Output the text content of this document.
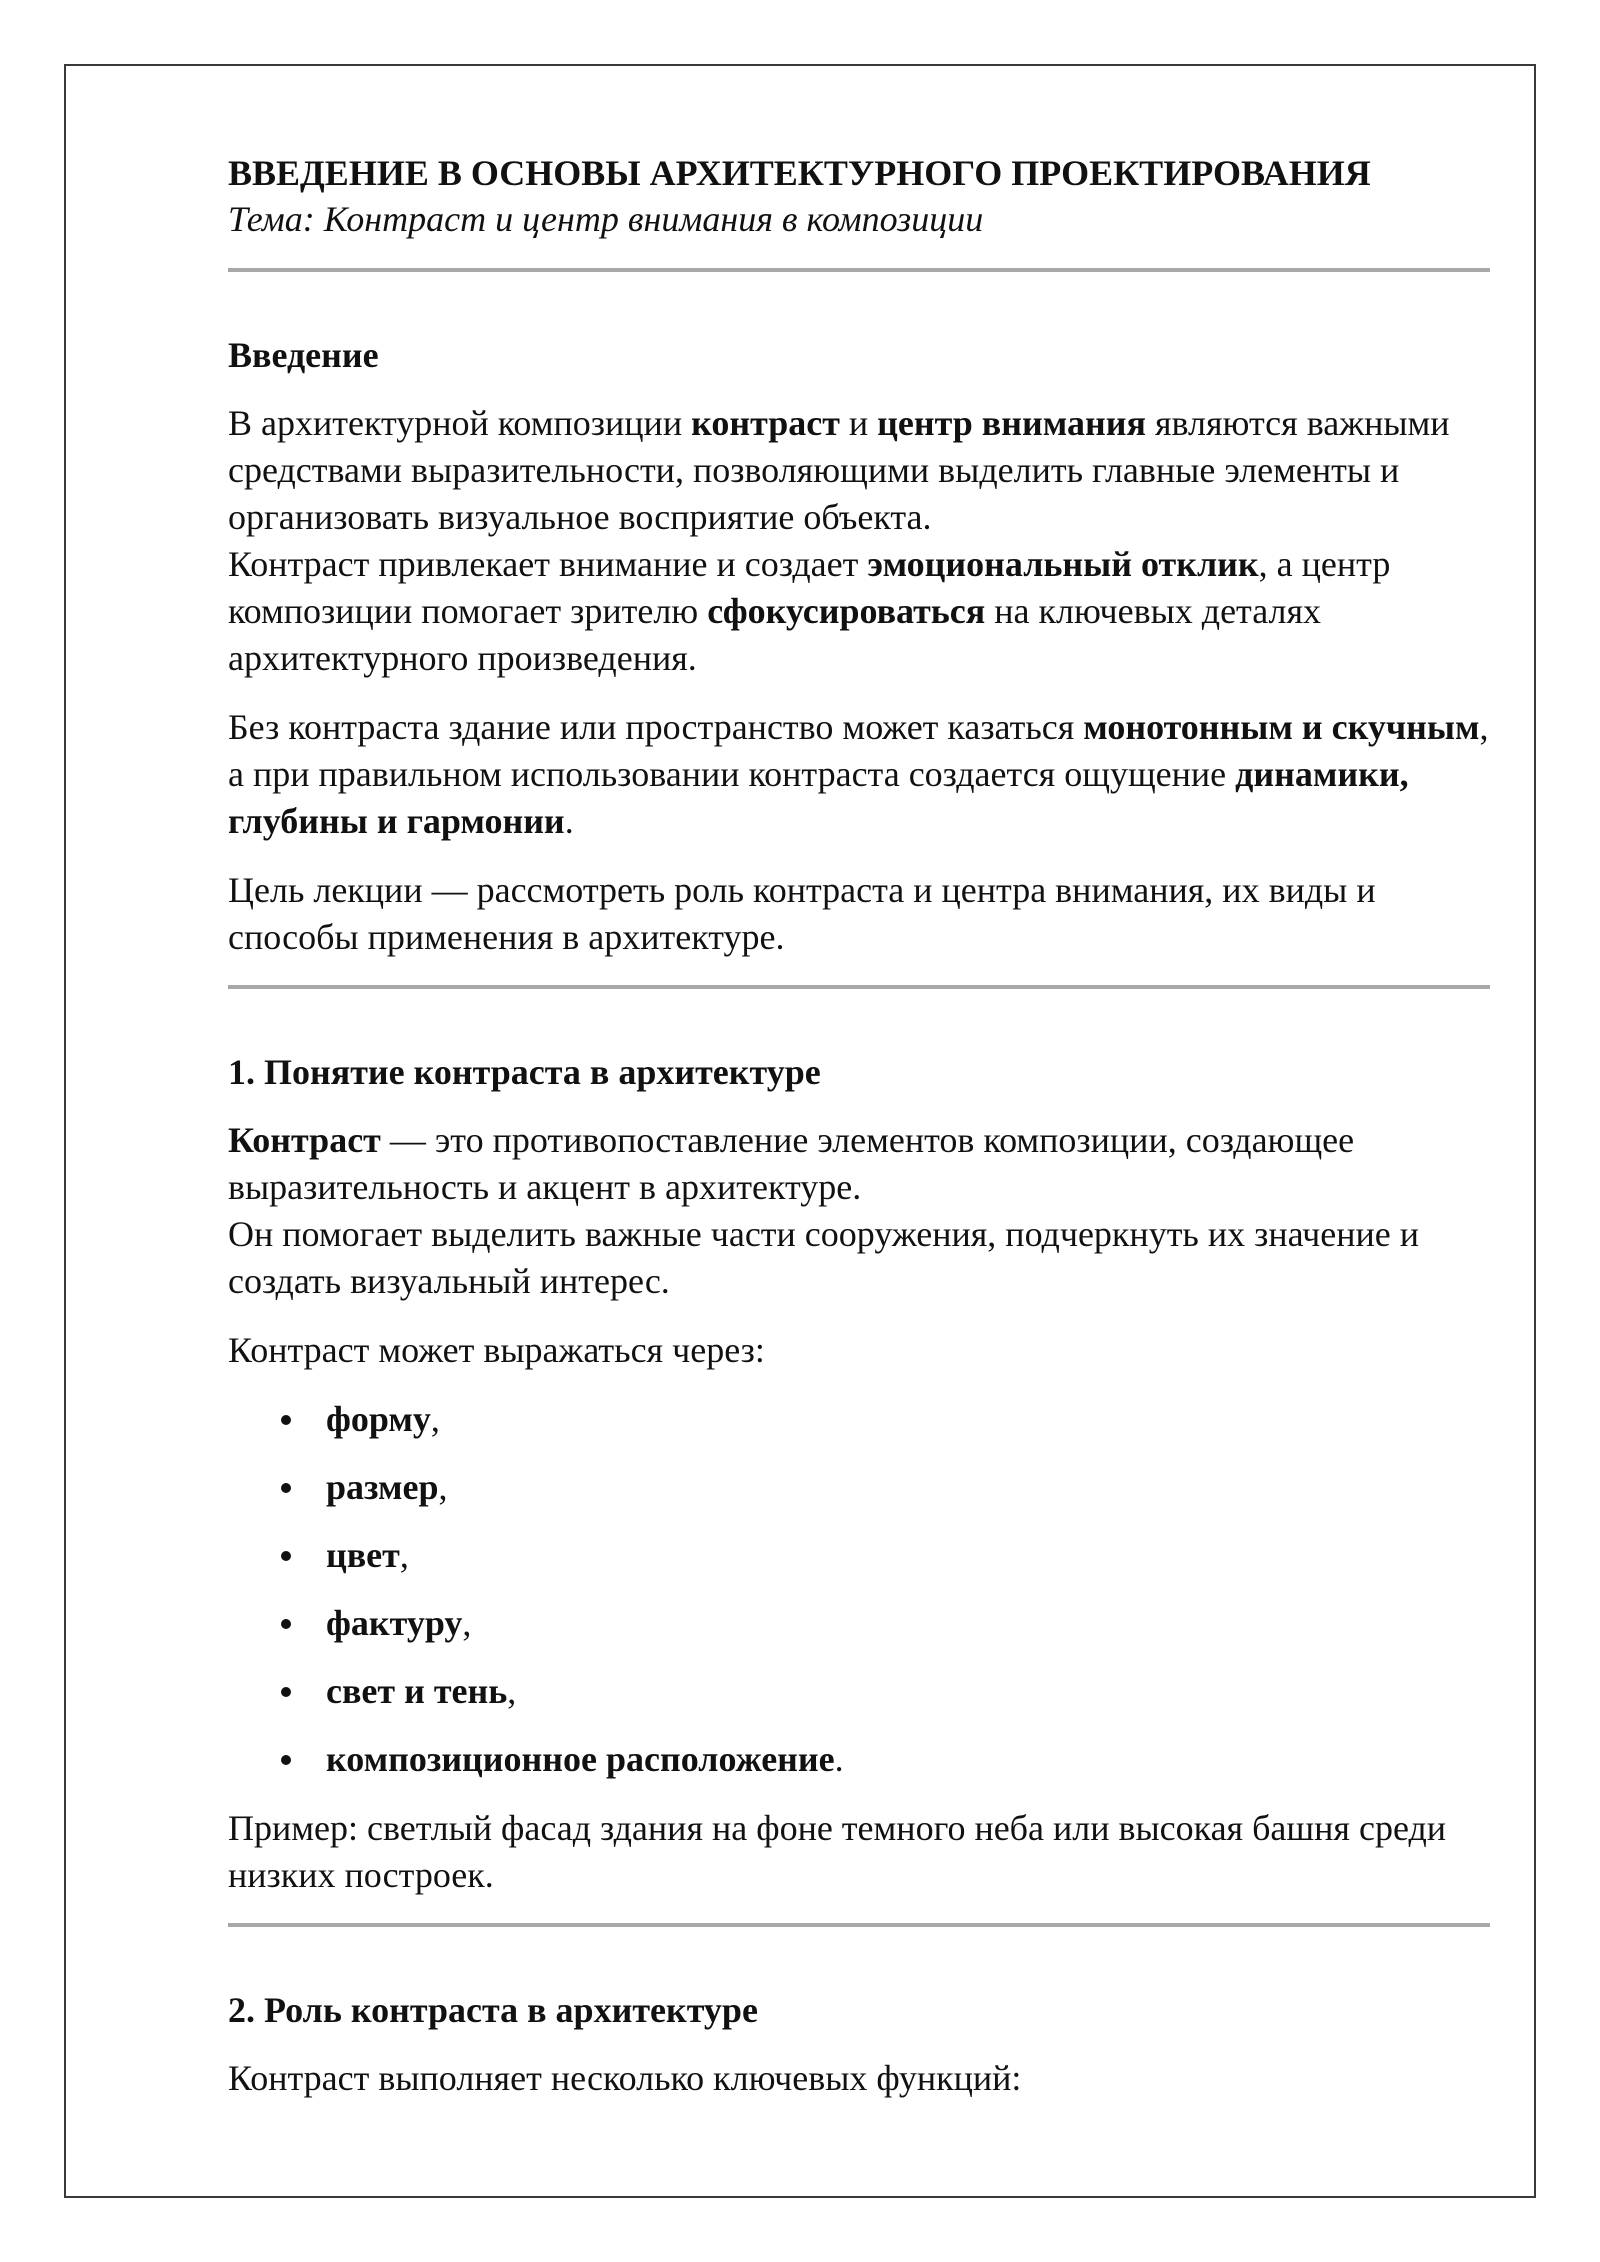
ВВЕДЕНИЕ В ОСНОВЫ АРХИТЕКТУРНОГО ПРОЕКТИРОВАНИЯ
Тема: Контраст и центр внимания в композиции
Введение

В архитектурной композиции контраст и центр внимания являются важными средствами выразительности, позволяющими выделить главные элементы и организовать визуальное восприятие объекта.
Контраст привлекает внимание и создает эмоциональный отклик, а центр композиции помогает зрителю сфокусироваться на ключевых деталях архитектурного произведения.

Без контраста здание или пространство может казаться монотонным и скучным, а при правильном использовании контраста создается ощущение динамики, глубины и гармонии.

Цель лекции — рассмотреть роль контраста и центра внимания, их виды и способы применения в архитектуре.

1. Понятие контраста в архитектуре

Контраст — это противопоставление элементов композиции, создающее выразительность и акцент в архитектуре.
Он помогает выделить важные части сооружения, подчеркнуть их значение и создать визуальный интерес.

Контраст может выражаться через:

форму,
размер,
цвет,
фактуру,
свет и тень,
композиционное расположение.

Пример: светлый фасад здания на фоне темного неба или высокая башня среди низких построек.

2. Роль контраста в архитектуре

Контраст выполняет несколько ключевых функций:
